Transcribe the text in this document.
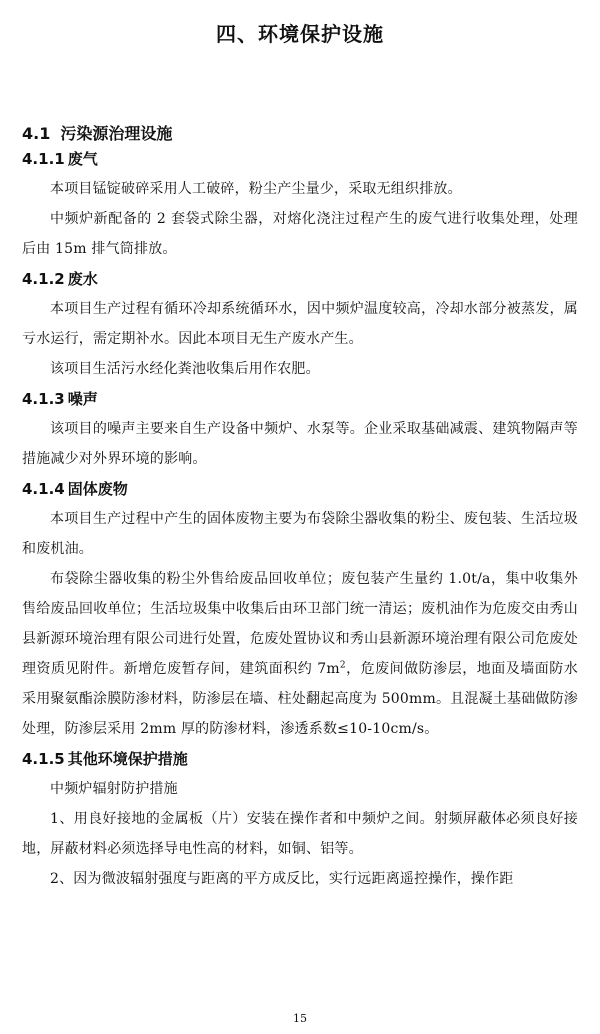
四、环境保护设施
4.1 污染源治理设施
4.1.1 废气

本项目锰锭破碎采用人工破碎，粉尘产尘量少，采取无组织排放。

中频炉新配备的 2 套袋式除尘器，对熔化浇注过程产生的废气进行收集处理，处理后由 15m 排气筒排放。

4.1.2 废水

本项目生产过程有循环冷却系统循环水，因中频炉温度较高，冷却水部分被蒸发，属亏水运行，需定期补水。因此本项目无生产废水产生。

该项目生活污水经化粪池收集后用作农肥。

4.1.3 噪声

该项目的噪声主要来自生产设备中频炉、水泵等。企业采取基础减震、建筑物隔声等措施减少对外界环境的影响。

4.1.4 固体废物

本项目生产过程中产生的固体废物主要为布袋除尘器收集的粉尘、废包装、生活垃圾和废机油。

布袋除尘器收集的粉尘外售给废品回收单位；废包装产生量约 1.0t/a，集中收集外售给废品回收单位；生活垃圾集中收集后由环卫部门统一清运；废机油作为危废交由秀山县新源环境治理有限公司进行处置，危废处置协议和秀山县新源环境治理有限公司危废处理资质见附件。新增危废暂存间，建筑面积约 $7m^2$，危废间做防渗层，地面及墙面防水采用聚氨酯涂膜防渗材料，防渗层在墙、柱处翻起高度为 500mm。且混凝土基础做防渗处理，防渗层采用 2mm 厚的防渗材料，渗透系数≤10-10cm/s。

4.1.5 其他环境保护措施

中频炉辐射防护措施

1、用良好接地的金属板（片）安装在操作者和中频炉之间。射频屏蔽体必须良好接地，屏蔽材料必须选择导电性高的材料，如铜、铝等。

2、因为微波辐射强度与距离的平方成反比，实行远距离遥控操作，操作距

15
